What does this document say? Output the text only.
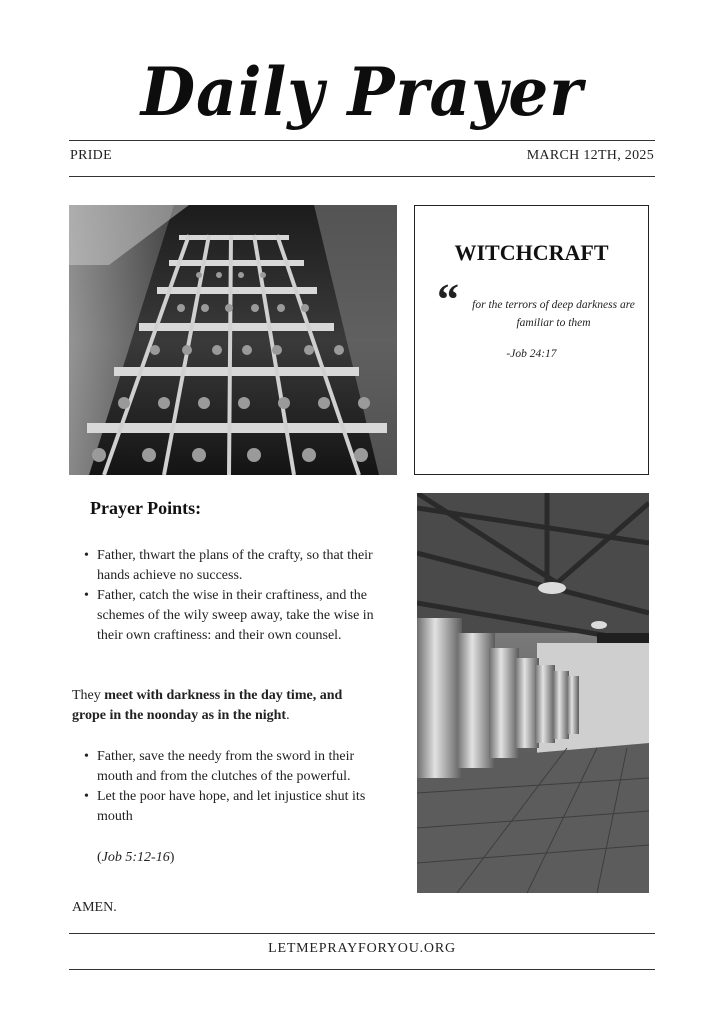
Daily Prayer
PRIDE	MARCH 12TH, 2025
WITCHCRAFT
“ for the terrors of deep darkness are familiar to them
-Job 24:17
Prayer Points:
• Father, thwart the plans of the crafty, so that their hands achieve no success.
• Father, catch the wise in their craftiness, and the schemes of the wily sweep away, take the wise in their own craftiness: and their own counsel.
They meet with darkness in the day time, and grope in the noonday as in the night.
• Father, save the needy from the sword in their mouth and from the clutches of the powerful.
• Let the poor have hope, and let injustice shut its mouth
(Job 5:12-16)
AMEN.
LETMEPRAYFORYOU.ORG
